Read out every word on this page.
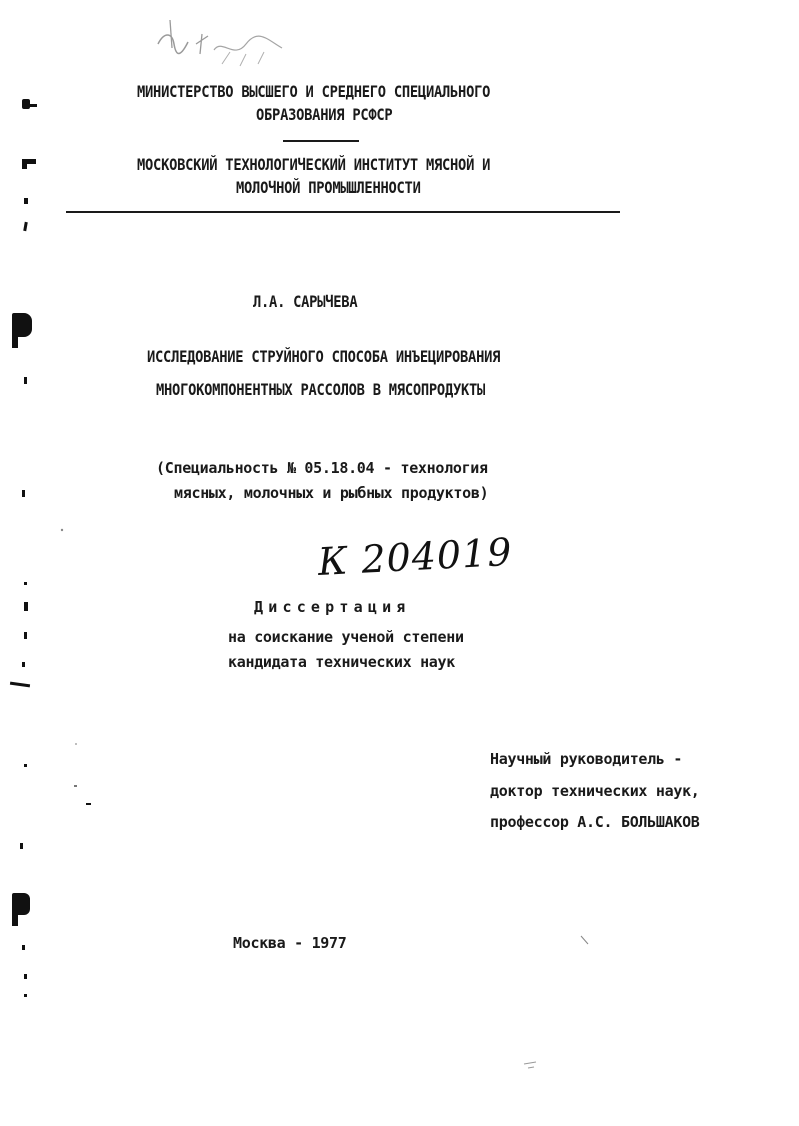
МИНИСТЕРСТВО ВЫСШЕГО И СРЕДНЕГО СПЕЦИАЛЬНОГО
ОБРАЗОВАНИЯ РСФСР
МОСКОВСКИЙ ТЕХНОЛОГИЧЕСКИЙ ИНСТИТУТ МЯСНОЙ И
МОЛОЧНОЙ ПРОМЫШЛЕННОСТИ
Л.А. САРЫЧЕВА
ИССЛЕДОВАНИЕ СТРУЙНОГО СПОСОБА ИНЪЕЦИРОВАНИЯ
МНОГОКОМПОНЕНТНЫХ РАССОЛОВ В МЯСОПРОДУКТЫ
(Специальность № 05.18.04 - технология
мясных, молочных и рыбных продуктов)
К 204019
Диссертация
на соискание ученой степени
кандидата технических наук
Научный руководитель -
доктор технических наук,
профессор А.С. БОЛЬШАКОВ
Москва - 1977
